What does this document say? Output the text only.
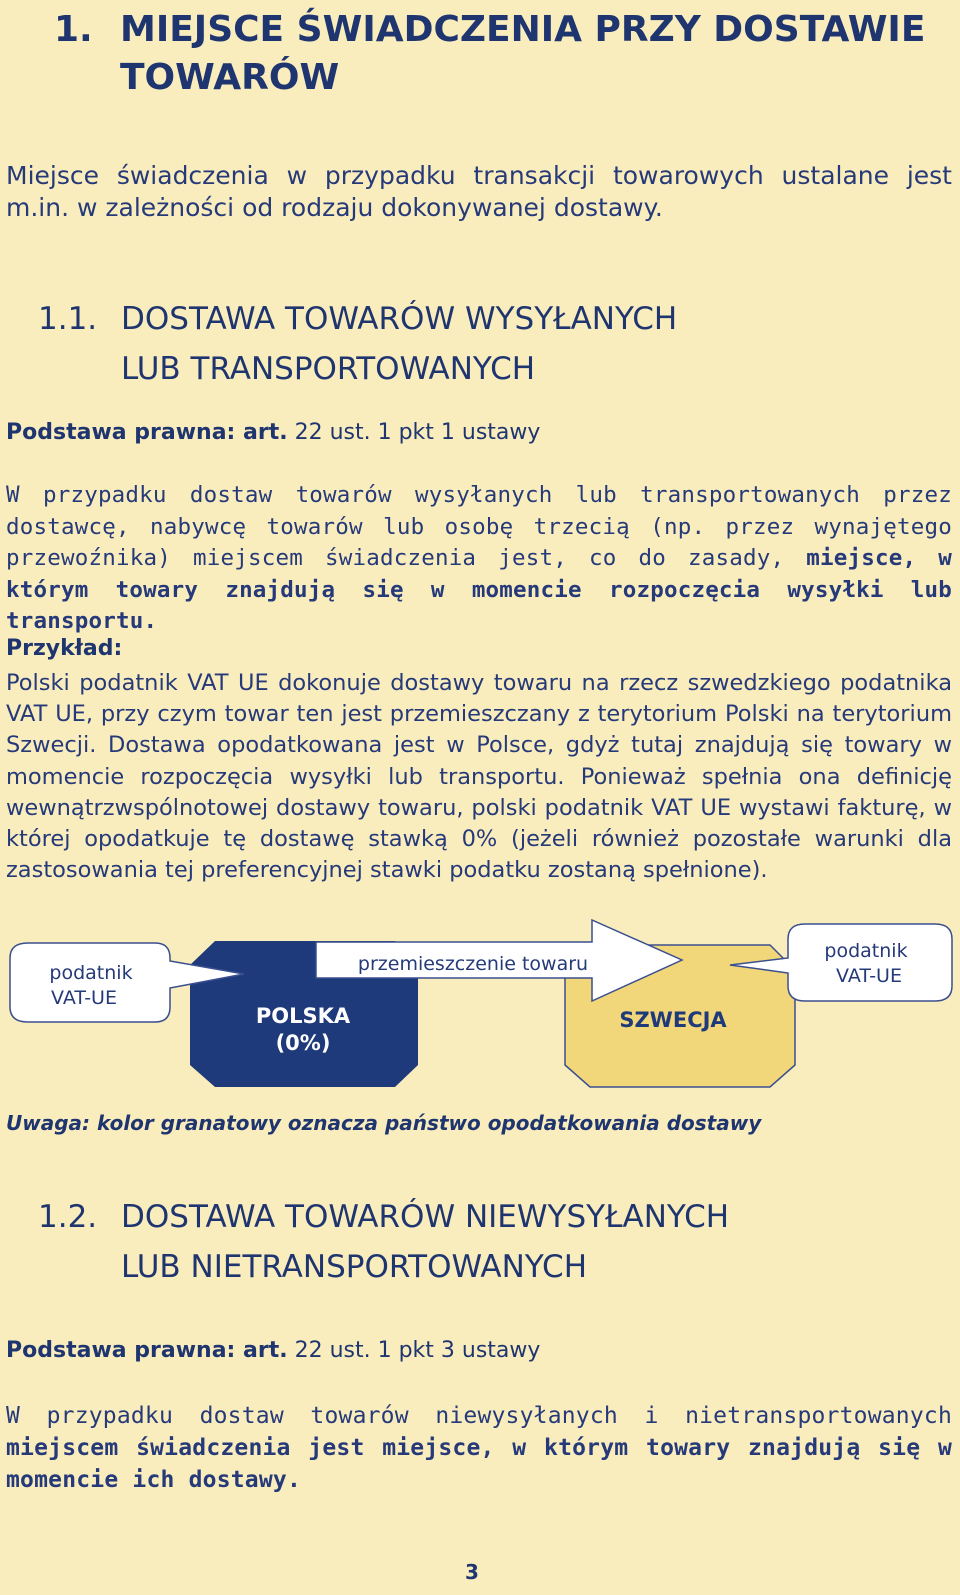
1. MIEJSCE ŚWIADCZENIA PRZY DOSTAWIE
TOWARÓW
Miejsce świadczenia w przypadku transakcji towarowych ustalane jest m.in. w zależności od rodzaju dokonywanej dostawy.
1.1. DOSTAWA TOWARÓW WYSYŁANYCH
LUB TRANSPORTOWANYCH
Podstawa prawna: art. 22 ust. 1 pkt 1 ustawy
W przypadku dostaw towarów wysyłanych lub transportowanych przez dostawcę, nabywcę towarów lub osobę trzecią (np. przez wynajętego przewoźnika) miejscem świadczenia jest, co do zasady, miejsce, w którym towary znajdują się w momencie rozpoczęcia wysyłki lub transportu.
Przykład:
Polski podatnik VAT UE dokonuje dostawy towaru na rzecz szwedzkiego podatnika VAT UE, przy czym towar ten jest przemieszczany z terytorium Polski na terytorium Szwecji. Dostawa opodatkowana jest w Polsce, gdyż tutaj znajdują się towary w momencie rozpoczęcia wysyłki lub transportu. Ponieważ spełnia ona definicję wewnątrzwspólnotowej dostawy towaru, polski podatnik VAT UE wystawi fakturę, w której opodatkuje tę dostawę stawką 0% (jeżeli również pozostałe warunki dla zastosowania tej preferencyjnej stawki podatku zostaną spełnione).
podatnik
VAT-UE
podatnik
VAT-UE
przemieszczenie towaru
POLSKA
(0%)
SZWECJA
Uwaga: kolor granatowy oznacza państwo opodatkowania dostawy
1.2. DOSTAWA TOWARÓW NIEWYSYŁANYCH
LUB NIETRANSPORTOWANYCH
Podstawa prawna: art. 22 ust. 1 pkt 3 ustawy
W przypadku dostaw towarów niewysyłanych i nietransportowanych miejscem świadczenia jest miejsce, w którym towary znajdują się w momencie ich dostawy.
3
